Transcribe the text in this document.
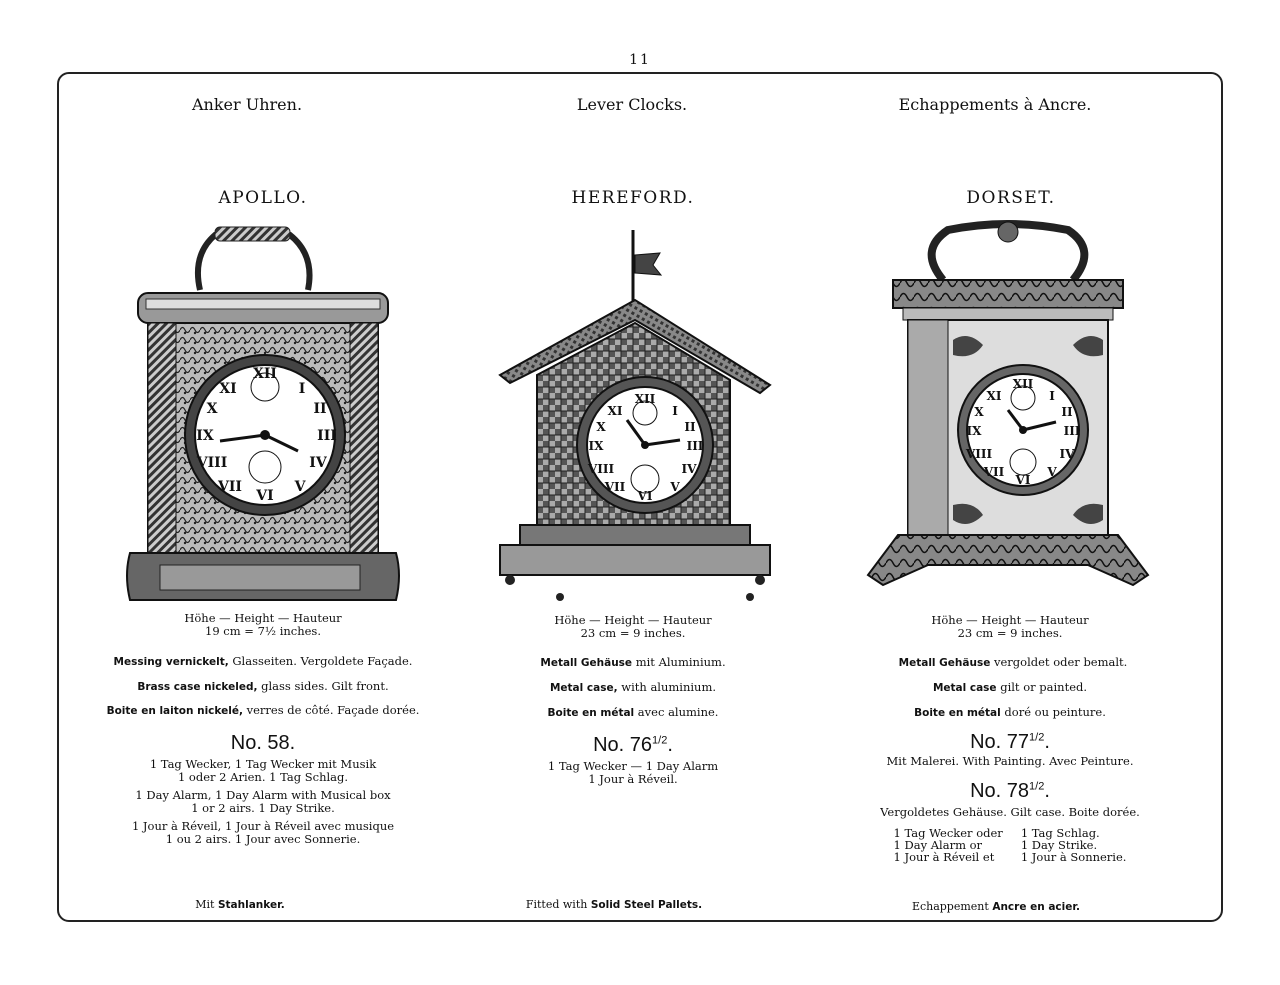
11
Anker Uhren.	Lever Clocks.	Echappements à Ancre.
APOLLO.	HEREFORD.	DORSET.
XII
I
II
III
IV
V
VI
VII
VIII
IX
X
XI
XII
I
II
III
IV
V
VI
VII
VIII
IX
X
XI
XII
I
II
III
IV
V
VI
VII
VIII
IX
X
XI
Höhe — Height — Hauteur
19 cm = 7½ inches.
Messing vernickelt, Glasseiten. Vergoldete Façade.
Brass case nickeled, glass sides. Gilt front.
Boite en laiton nickelé, verres de côté. Façade dorée.
No. 58.
1 Tag Wecker, 1 Tag Wecker mit Musik
1 oder 2 Arien. 1 Tag Schlag.
1 Day Alarm, 1 Day Alarm with Musical box
1 or 2 airs. 1 Day Strike.
1 Jour à Réveil, 1 Jour à Réveil avec musique
1 ou 2 airs. 1 Jour avec Sonnerie.
Mit Stahlanker.
Höhe — Height — Hauteur
23 cm = 9 inches.
Metall Gehäuse mit Aluminium.
Metal case, with aluminium.
Boite en métal avec alumine.
No. $76^{1/2}$.
1 Tag Wecker — 1 Day Alarm
1 Jour à Réveil.
Fitted with Solid Steel Pallets.
Höhe — Height — Hauteur
23 cm = 9 inches.
Metall Gehäuse vergoldet oder bemalt.
Metal case gilt or painted.
Boite en métal doré ou peinture.
No. $77^{1/2}$.
Mit Malerei. With Painting. Avec Peinture.
No. $78^{1/2}$.
Vergoldetes Gehäuse. Gilt case. Boite dorée.
1 Tag Wecker oder	1 Tag Schlag.
1 Day Alarm or	1 Day Strike.
1 Jour à Réveil et	1 Jour à Sonnerie.
Echappement Ancre en acier.
